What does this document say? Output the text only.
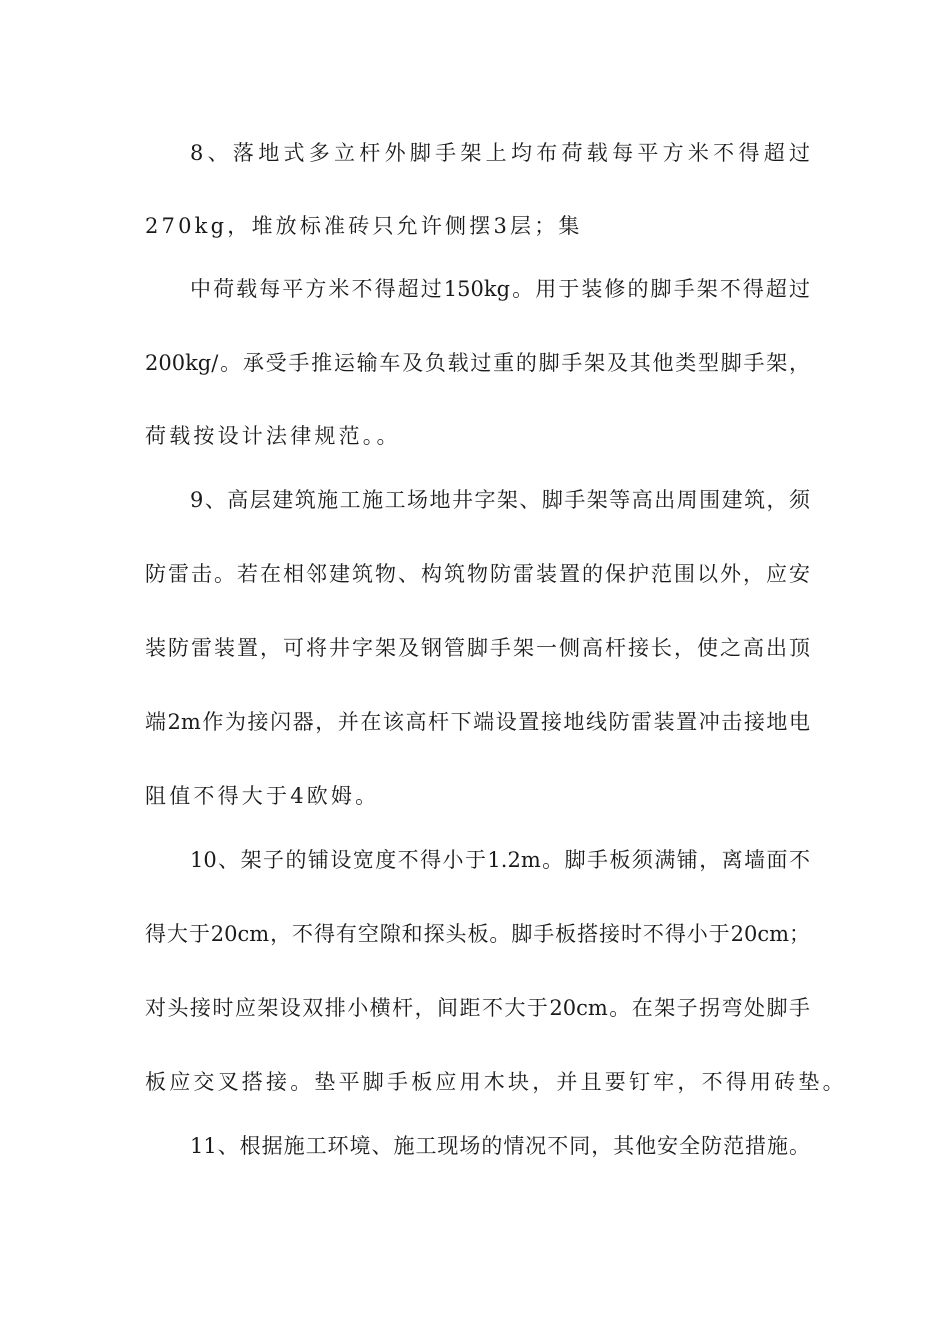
8、落地式多立杆外脚手架上均布荷载每平方米不得超过
270kg，堆放标准砖只允许侧摆3层；集
中荷载每平方米不得超过150kg。用于装修的脚手架不得超过
200kg/。承受手推运输车及负载过重的脚手架及其他类型脚手架，
荷载按设计法律规范。。
9、高层建筑施工施工场地井字架、脚手架等高出周围建筑，须
防雷击。若在相邻建筑物、构筑物防雷装置的保护范围以外，应安
装防雷装置，可将井字架及钢管脚手架一侧高杆接长，使之高出顶
端2m作为接闪器，并在该高杆下端设置接地线防雷装置冲击接地电
阻值不得大于4欧姆。
10、架子的铺设宽度不得小于1.2m。脚手板须满铺，离墙面不
得大于20cm，不得有空隙和探头板。脚手板搭接时不得小于20cm；
对头接时应架设双排小横杆，间距不大于20cm。在架子拐弯处脚手
板应交叉搭接。垫平脚手板应用木块，并且要钉牢，不得用砖垫。
11、根据施工环境、施工现场的情况不同，其他安全防范措施。
